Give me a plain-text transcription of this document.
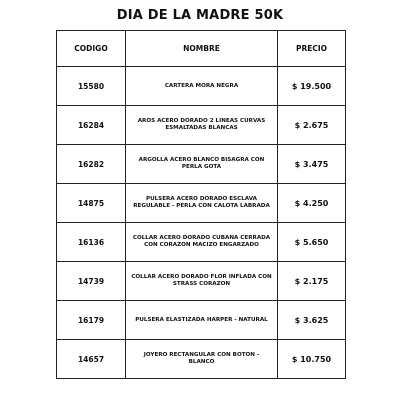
DIA DE LA MADRE 50K
CODIGO	NOMBRE	PRECIO
15580	CARTERA MORA NEGRA	$ 19.500
16284	AROS ACERO DORADO 2 LINEAS CURVAS ESMALTADAS BLANCAS	$ 2.675
16282	ARGOLLA ACERO BLANCO BISAGRA CON PERLA GOTA	$ 3.475
14875	PULSERA ACERO DORADO ESCLAVA REGULABLE - PERLA CON CALOTA LABRADA	$ 4.250
16136	COLLAR ACERO DORADO CUBANA CERRADA CON CORAZON MACIZO ENGARZADO	$ 5.650
14739	COLLAR ACERO DORADO FLOR INFLADA CON STRASS CORAZON	$ 2.175
16179	PULSERA ELASTIZADA HARPER - NATURAL	$ 3.625
14657	JOYERO RECTANGULAR CON BOTON - BLANCO	$ 10.750
